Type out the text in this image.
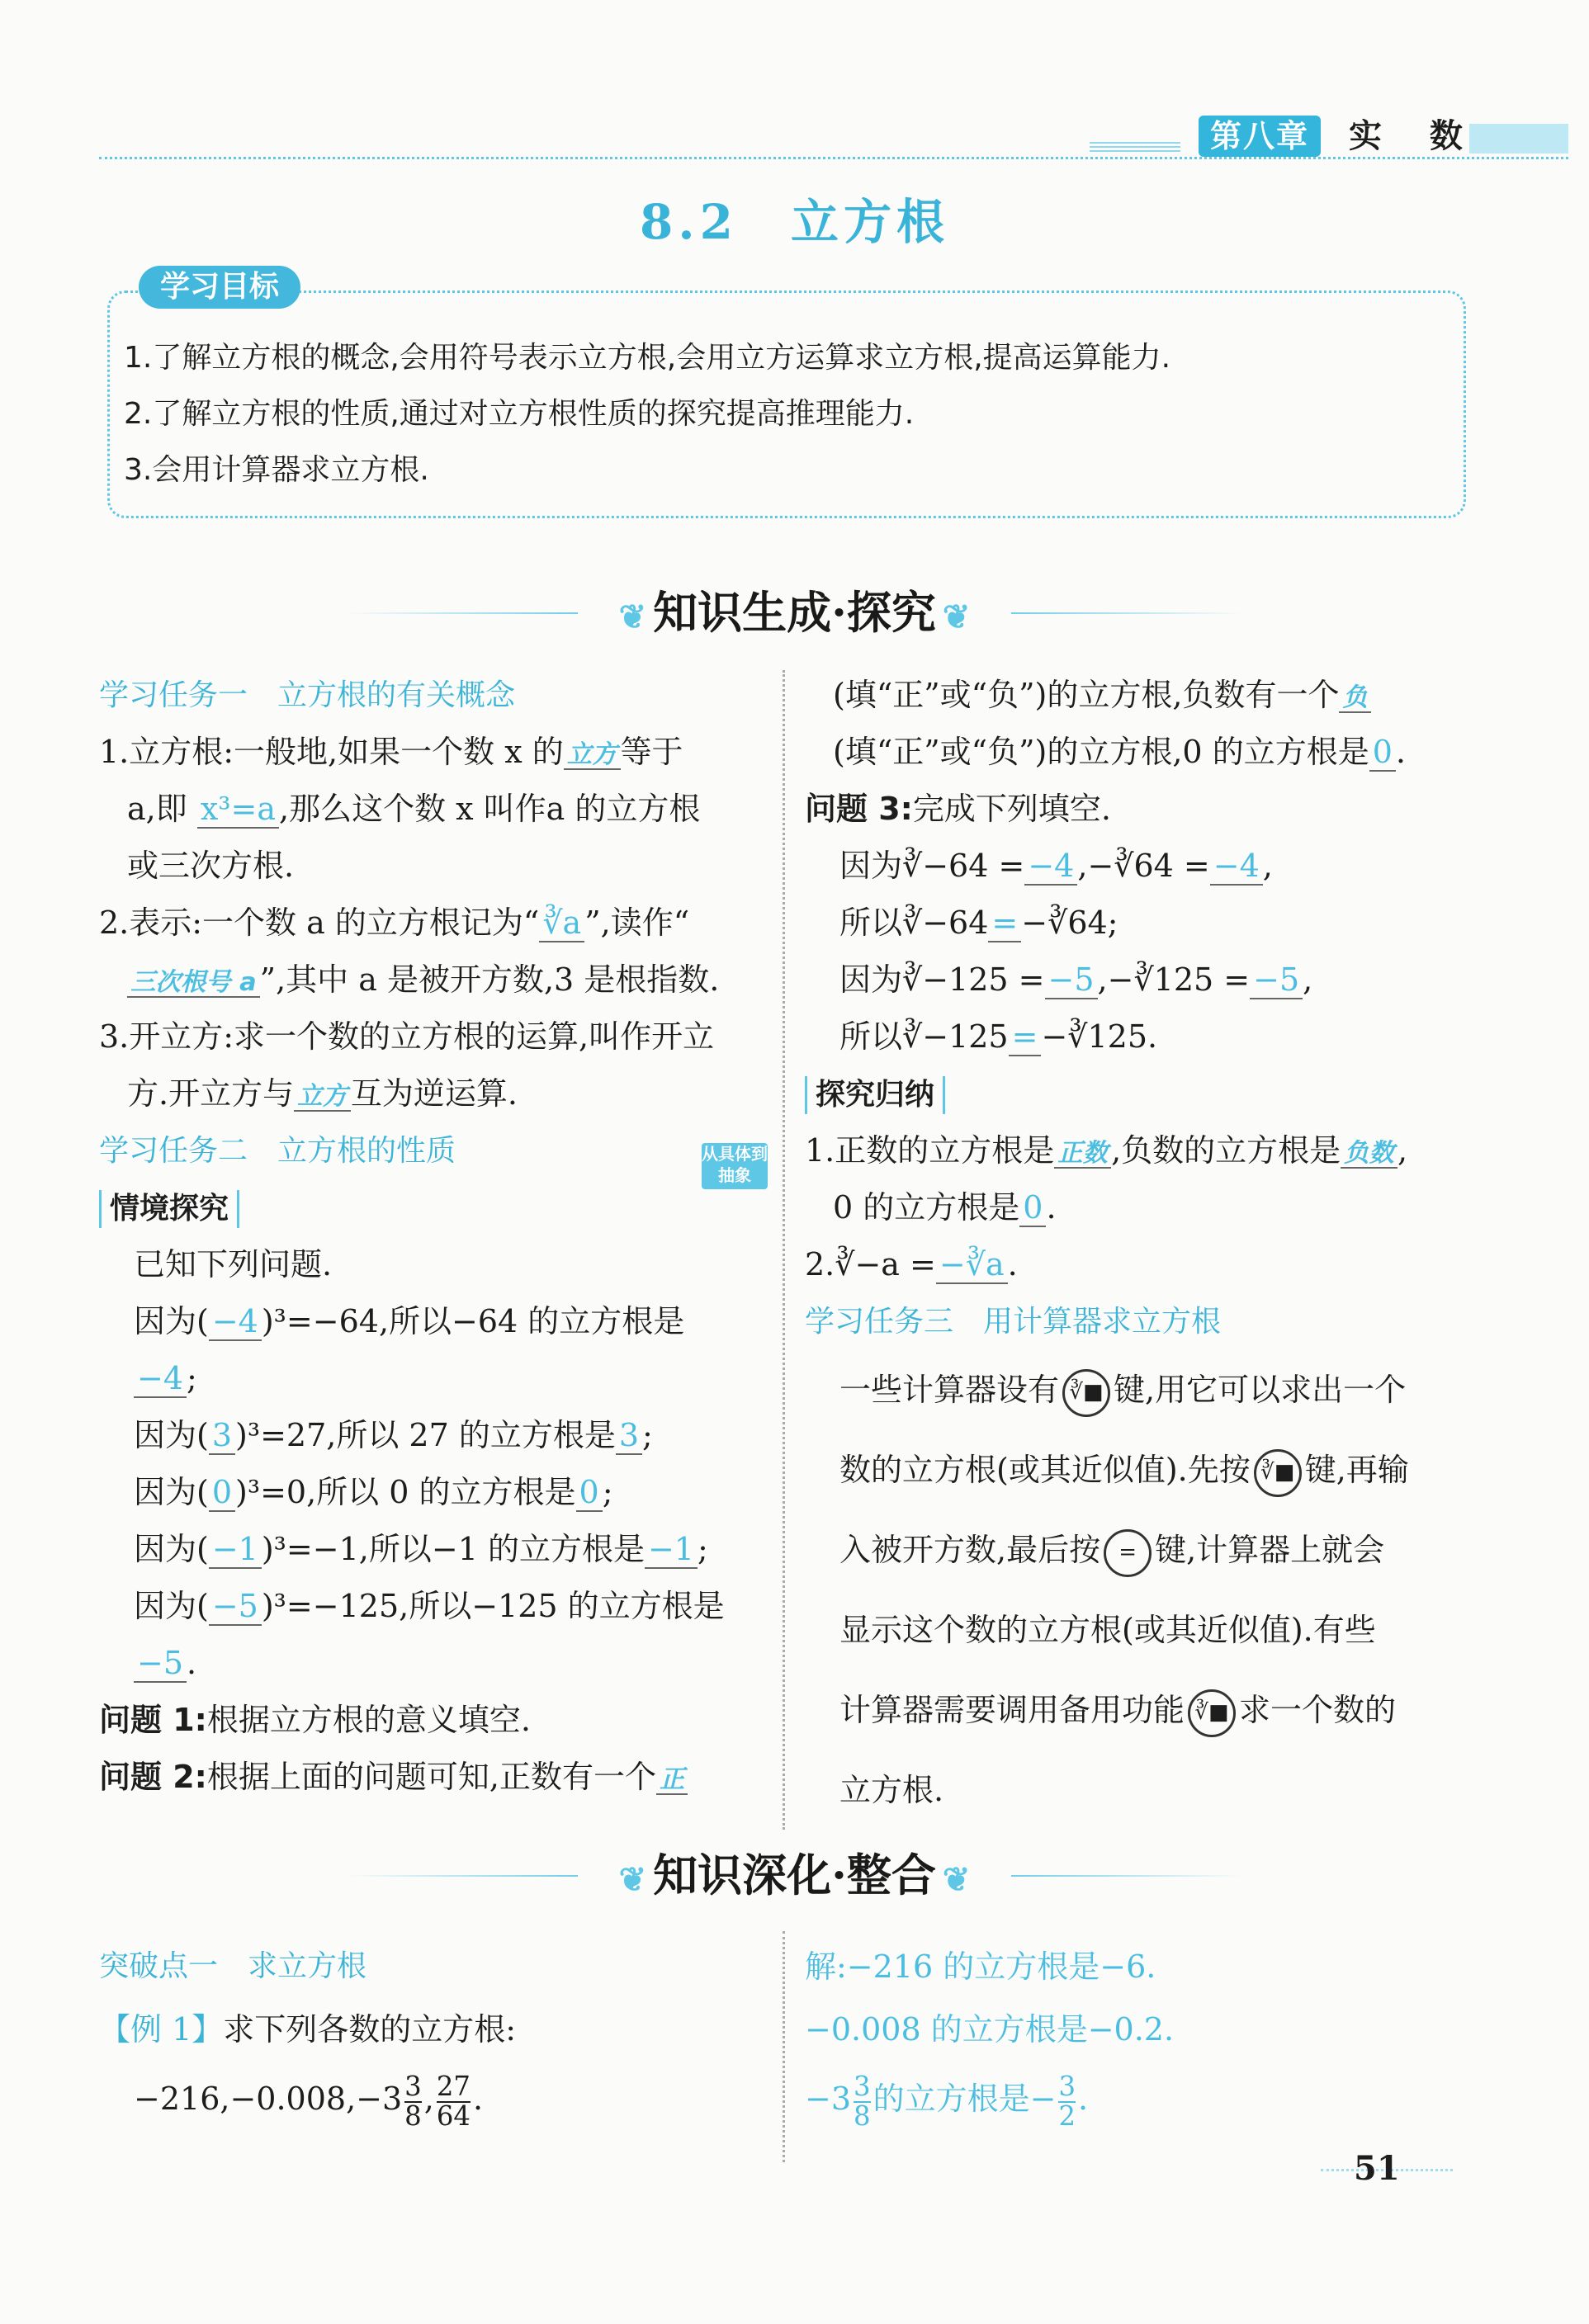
第八章	实 数
8.2　立方根
学习目标
1.了解立方根的概念,会用符号表示立方根,会用立方运算求立方根,提高运算能力.
2.了解立方根的性质,通过对立方根性质的探究提高推理能力.
3.会用计算器求立方根.
❦ 知识生成·探究 ❦
学习任务一　立方根的有关概念
1.立方根:一般地,如果一个数 x 的 立方 等于
a,即 x³=a ,那么这个数 x 叫作a 的立方根
或三次方根.
2.表示:一个数 a 的立方根记为“ ∛a ”,读作“
三次根号 a ”,其中 a 是被开方数,3 是根指数.
3.开立方:求一个数的立方根的运算,叫作开立
方.开立方与 立方 互为逆运算.
学习任务二　立方根的性质	从具体到抽象
情境探究
已知下列问题.
因为( −4 )³=−64,所以−64 的立方根是
−4 ;
因为( 3 )³=27,所以 27 的立方根是 3 ;
因为( 0 )³=0,所以 0 的立方根是 0 ;
因为( −1 )³=−1,所以−1 的立方根是 −1 ;
因为( −5 )³=−125,所以−125 的立方根是
−5 .
问题 1:根据立方根的意义填空.
问题 2:根据上面的问题可知,正数有一个 正
(填“正”或“负”)的立方根,负数有一个 负
(填“正”或“负”)的立方根,0 的立方根是 0 .
问题 3:完成下列填空.
因为∛−64 = −4 ,−∛64 = −4 ,
所以∛−64 = −∛64;
因为∛−125 = −5 ,−∛125 = −5 ,
所以∛−125 = −∛125.
探究归纳
1.正数的立方根是 正数 ,负数的立方根是 负数 ,
0 的立方根是 0 .
2.∛−a = −∛a .
学习任务三　用计算器求立方根
一些计算器设有 ∛■ 键,用它可以求出一个
数的立方根(或其近似值).先按 ∛■ 键,再输
入被开方数,最后按 = 键,计算器上就会
显示这个数的立方根(或其近似值).有些
计算器需要调用备用功能 ∛■ 求一个数的
立方根.
❦ 知识深化·整合 ❦
突破点一　求立方根
【例 1】求下列各数的立方根:
$-216,-0.008,-3 \frac{3}{8}$ , $\frac{27}{64}$ .
解:−216 的立方根是−6.
−0.008 的立方根是−0.2.
$-3 \frac{3}{8}$ 的立方根是− $\frac{3}{2}$ .
51
